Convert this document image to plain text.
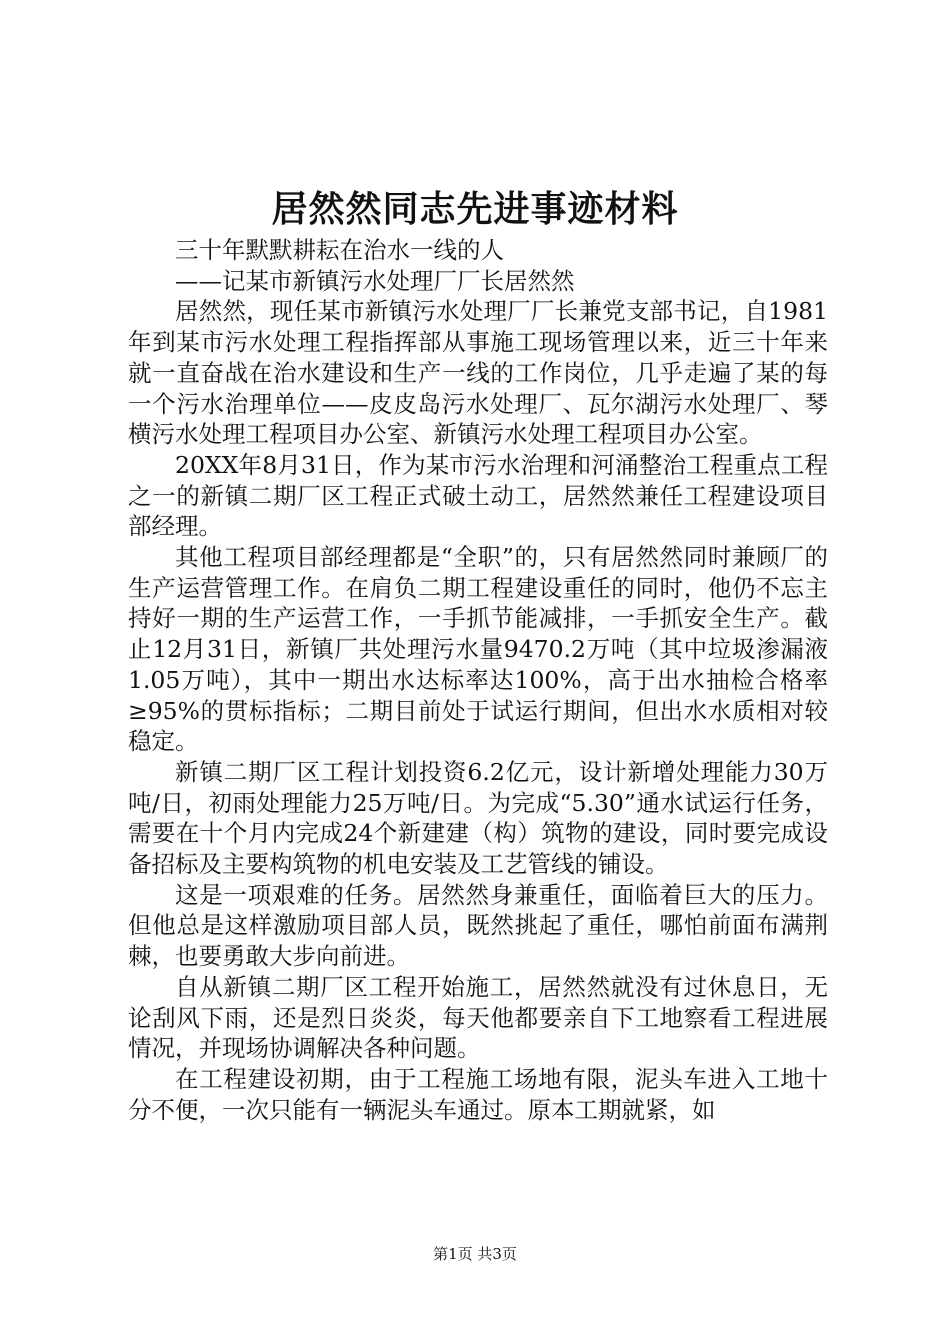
居然然同志先进事迹材料

三十年默默耕耘在治水一线的人

——记某市新镇污水处理厂厂长居然然

居然然，现任某市新镇污水处理厂厂长兼党支部书记，自1981年到某市污水处理工程指挥部从事施工现场管理以来，近三十年来就一直奋战在治水建设和生产一线的工作岗位，几乎走遍了某的每一个污水治理单位——皮皮岛污水处理厂、瓦尔湖污水处理厂、琴横污水处理工程项目办公室、新镇污水处理工程项目办公室。

20XX年8月31日，作为某市污水治理和河涌整治工程重点工程之一的新镇二期厂区工程正式破土动工，居然然兼任工程建设项目部经理。

其他工程项目部经理都是“全职”的，只有居然然同时兼顾厂的生产运营管理工作。在肩负二期工程建设重任的同时，他仍不忘主持好一期的生产运营工作，一手抓节能减排，一手抓安全生产。截止12月31日，新镇厂共处理污水量9470.2万吨（其中垃圾渗漏液1.05万吨），其中一期出水达标率达100%，高于出水抽检合格率≥95%的贯标指标；二期目前处于试运行期间，但出水水质相对较稳定。

新镇二期厂区工程计划投资6.2亿元，设计新增处理能力30万吨/日，初雨处理能力25万吨/日。为完成“5.30”通水试运行任务，需要在十个月内完成24个新建建（构）筑物的建设，同时要完成设备招标及主要构筑物的机电安装及工艺管线的铺设。

这是一项艰难的任务。居然然身兼重任，面临着巨大的压力。但他总是这样激励项目部人员，既然挑起了重任，哪怕前面布满荆棘，也要勇敢大步向前进。

自从新镇二期厂区工程开始施工，居然然就没有过休息日，无论刮风下雨，还是烈日炎炎，每天他都要亲自下工地察看工程进展情况，并现场协调解决各种问题。

在工程建设初期，由于工程施工场地有限，泥头车进入工地十分不便，一次只能有一辆泥头车通过。原本工期就紧，如

第1页 共3页
